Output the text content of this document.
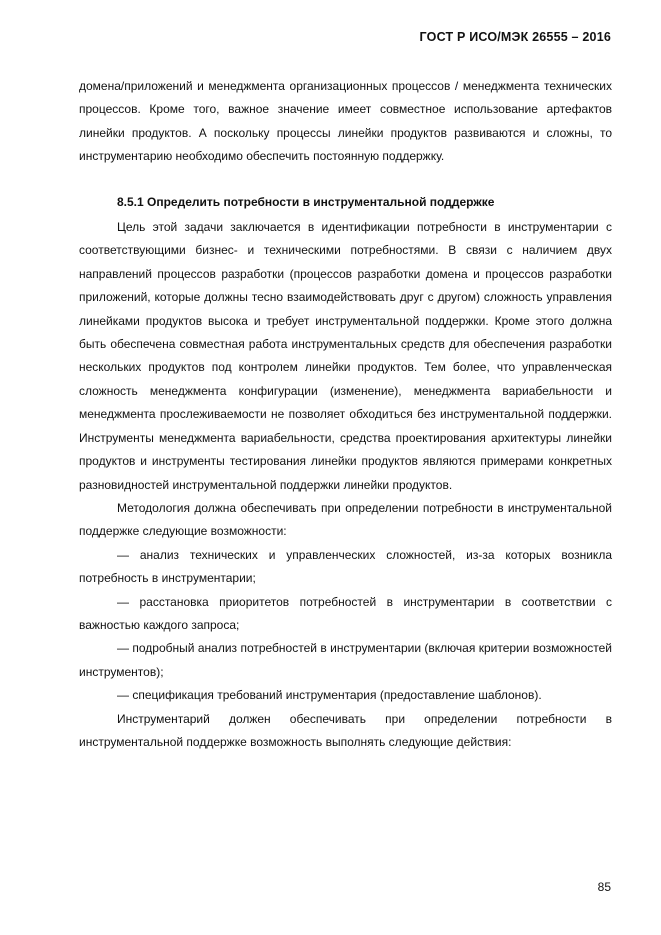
ГОСТ Р ИСО/МЭК 26555 – 2016

домена/приложений и менеджмента организационных процессов / менеджмента технических процессов. Кроме того, важное значение имеет совместное использование артефактов линейки продуктов. А поскольку процессы линейки продуктов развиваются и сложны, то инструментарию необходимо обеспечить постоянную поддержку.

8.5.1 Определить потребности в инструментальной поддержке

Цель этой задачи заключается в идентификации потребности в инструментарии с соответствующими бизнес- и техническими потребностями. В связи с наличием двух направлений процессов разработки (процессов разработки домена и процессов разработки приложений, которые должны тесно взаимодействовать друг с другом) сложность управления линейками продуктов высока и требует инструментальной поддержки. Кроме этого должна быть обеспечена совместная работа инструментальных средств для обеспечения разработки нескольких продуктов под контролем линейки продуктов. Тем более, что управленческая сложность менеджмента конфигурации (изменение), менеджмента вариабельности и менеджмента прослеживаемости не позволяет обходиться без инструментальной поддержки. Инструменты менеджмента вариабельности, средства проектирования архитектуры линейки продуктов и инструменты тестирования линейки продуктов являются примерами конкретных разновидностей инструментальной поддержки линейки продуктов.

Методология должна обеспечивать при определении потребности в инструментальной поддержке следующие возможности:

— анализ технических и управленческих сложностей, из-за которых возникла потребность в инструментарии;

— расстановка приоритетов потребностей в инструментарии в соответствии с важностью каждого запроса;

— подробный анализ потребностей в инструментарии (включая критерии возможностей инструментов);

— спецификация требований инструментария (предоставление шаблонов).

Инструментарий должен обеспечивать при определении потребности в инструментальной поддержке возможность выполнять следующие действия:

85
